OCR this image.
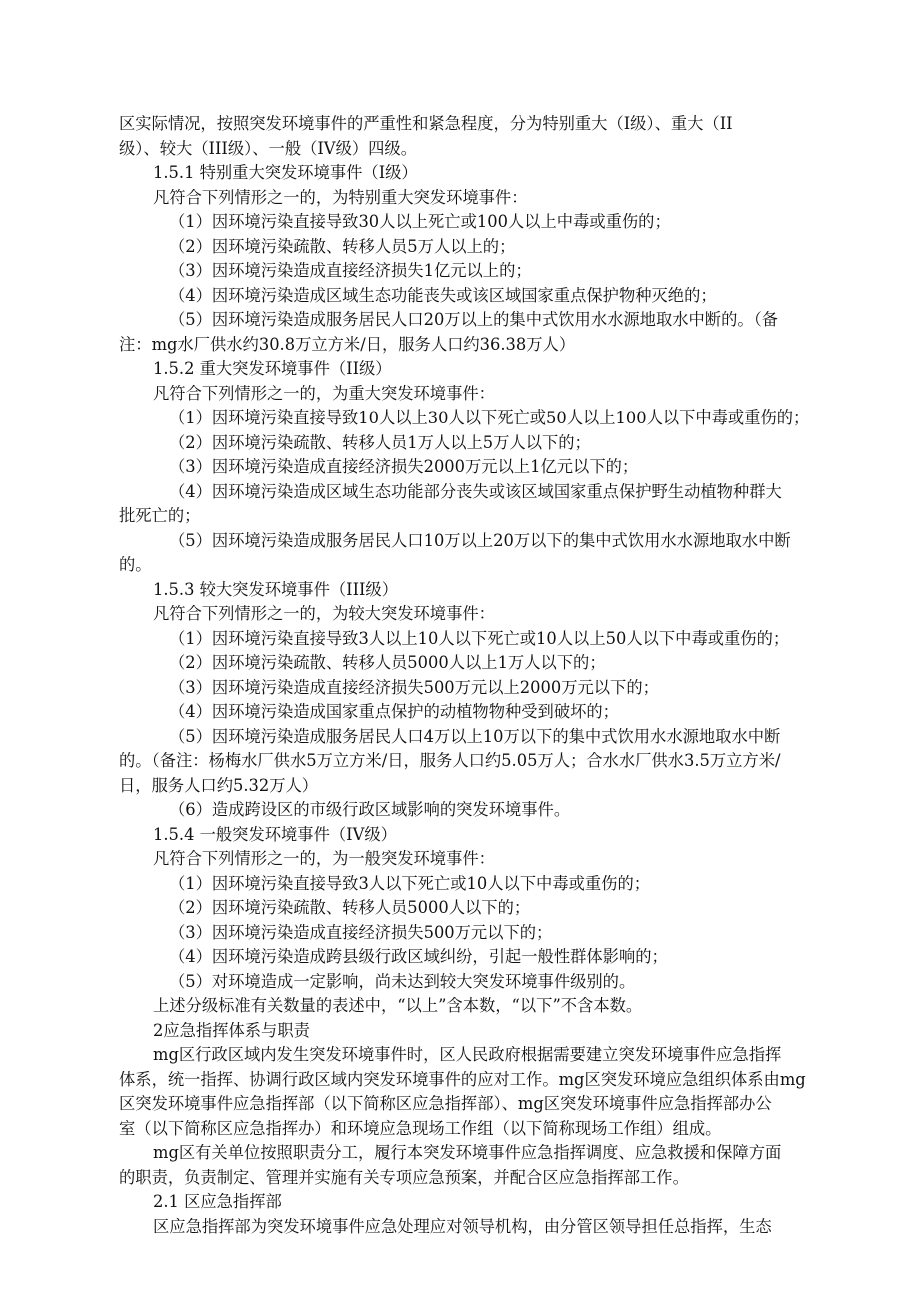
区实际情况，按照突发环境事件的严重性和紧急程度，分为特别重大（I级）、重大（II
级）、较大（III级）、一般（IV级）四级。
1.5.1 特别重大突发环境事件（I级）
凡符合下列情形之一的，为特别重大突发环境事件：
（1）因环境污染直接导致30人以上死亡或100人以上中毒或重伤的；
（2）因环境污染疏散、转移人员5万人以上的；
（3）因环境污染造成直接经济损失1亿元以上的；
（4）因环境污染造成区域生态功能丧失或该区域国家重点保护物种灭绝的；
（5）因环境污染造成服务居民人口20万以上的集中式饮用水水源地取水中断的。（备
注：mg水厂供水约30.8万立方米/日，服务人口约36.38万人）
1.5.2 重大突发环境事件（II级）
凡符合下列情形之一的，为重大突发环境事件：
（1）因环境污染直接导致10人以上30人以下死亡或50人以上100人以下中毒或重伤的；
（2）因环境污染疏散、转移人员1万人以上5万人以下的；
（3）因环境污染造成直接经济损失2000万元以上1亿元以下的；
（4）因环境污染造成区域生态功能部分丧失或该区域国家重点保护野生动植物种群大
批死亡的；
（5）因环境污染造成服务居民人口10万以上20万以下的集中式饮用水水源地取水中断
的。
1.5.3 较大突发环境事件（III级）
凡符合下列情形之一的，为较大突发环境事件：
（1）因环境污染直接导致3人以上10人以下死亡或10人以上50人以下中毒或重伤的；
（2）因环境污染疏散、转移人员5000人以上1万人以下的；
（3）因环境污染造成直接经济损失500万元以上2000万元以下的；
（4）因环境污染造成国家重点保护的动植物物种受到破坏的；
（5）因环境污染造成服务居民人口4万以上10万以下的集中式饮用水水源地取水中断
的。（备注：杨梅水厂供水5万立方米/日，服务人口约5.05万人；合水水厂供水3.5万立方米/
日，服务人口约5.32万人）
（6）造成跨设区的市级行政区域影响的突发环境事件。
1.5.4 一般突发环境事件（IV级）
凡符合下列情形之一的，为一般突发环境事件：
（1）因环境污染直接导致3人以下死亡或10人以下中毒或重伤的；
（2）因环境污染疏散、转移人员5000人以下的；
（3）因环境污染造成直接经济损失500万元以下的；
（4）因环境污染造成跨县级行政区域纠纷，引起一般性群体影响的；
（5）对环境造成一定影响，尚未达到较大突发环境事件级别的。
上述分级标准有关数量的表述中，“以上”含本数，“以下”不含本数。
2应急指挥体系与职责
mg区行政区域内发生突发环境事件时，区人民政府根据需要建立突发环境事件应急指挥
体系，统一指挥、协调行政区域内突发环境事件的应对工作。mg区突发环境应急组织体系由mg
区突发环境事件应急指挥部（以下简称区应急指挥部）、mg区突发环境事件应急指挥部办公
室（以下简称区应急指挥办）和环境应急现场工作组（以下简称现场工作组）组成。
mg区有关单位按照职责分工，履行本突发环境事件应急指挥调度、应急救援和保障方面
的职责，负责制定、管理并实施有关专项应急预案，并配合区应急指挥部工作。
2.1 区应急指挥部
区应急指挥部为突发环境事件应急处理应对领导机构，由分管区领导担任总指挥，生态
